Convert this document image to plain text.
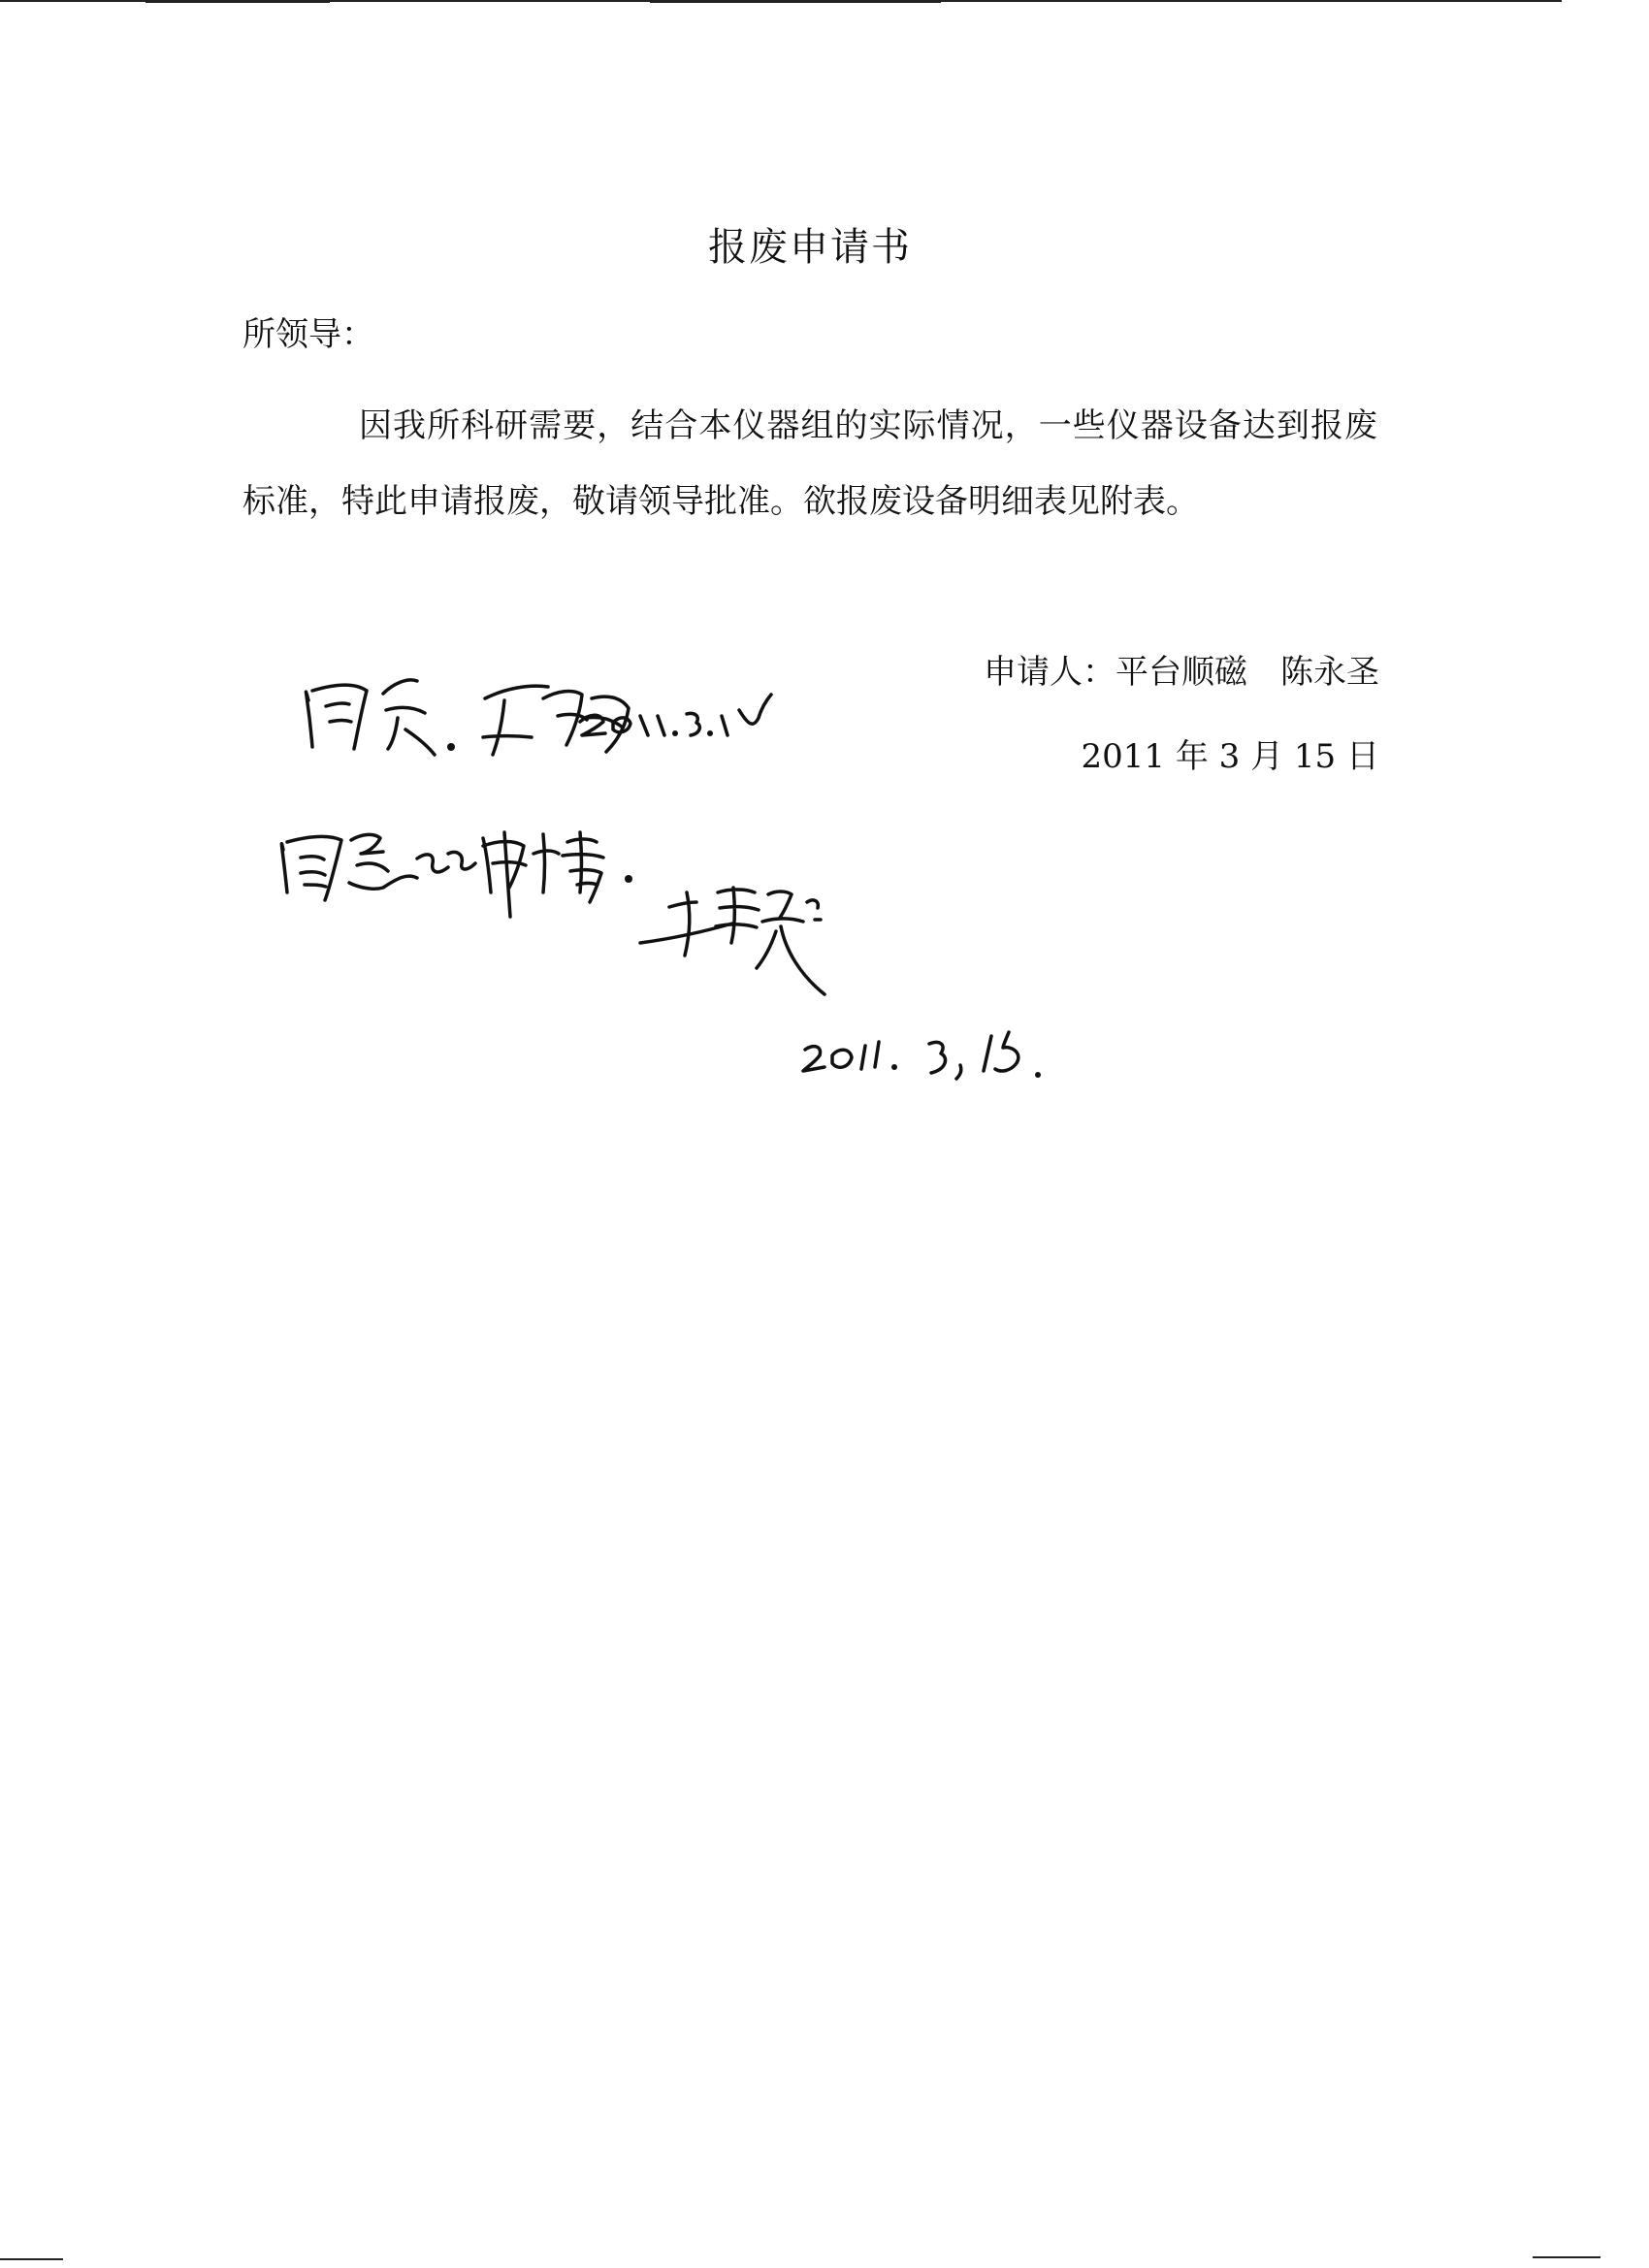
报废申请书
所领导：
因我所科研需要，结合本仪器组的实际情况，一些仪器设备达到报废标准，特此申请报废，敬请领导批准。欲报废设备明细表见附表。
申请人：平台顺磁　陈永圣
2011 年 3 月 15 日
